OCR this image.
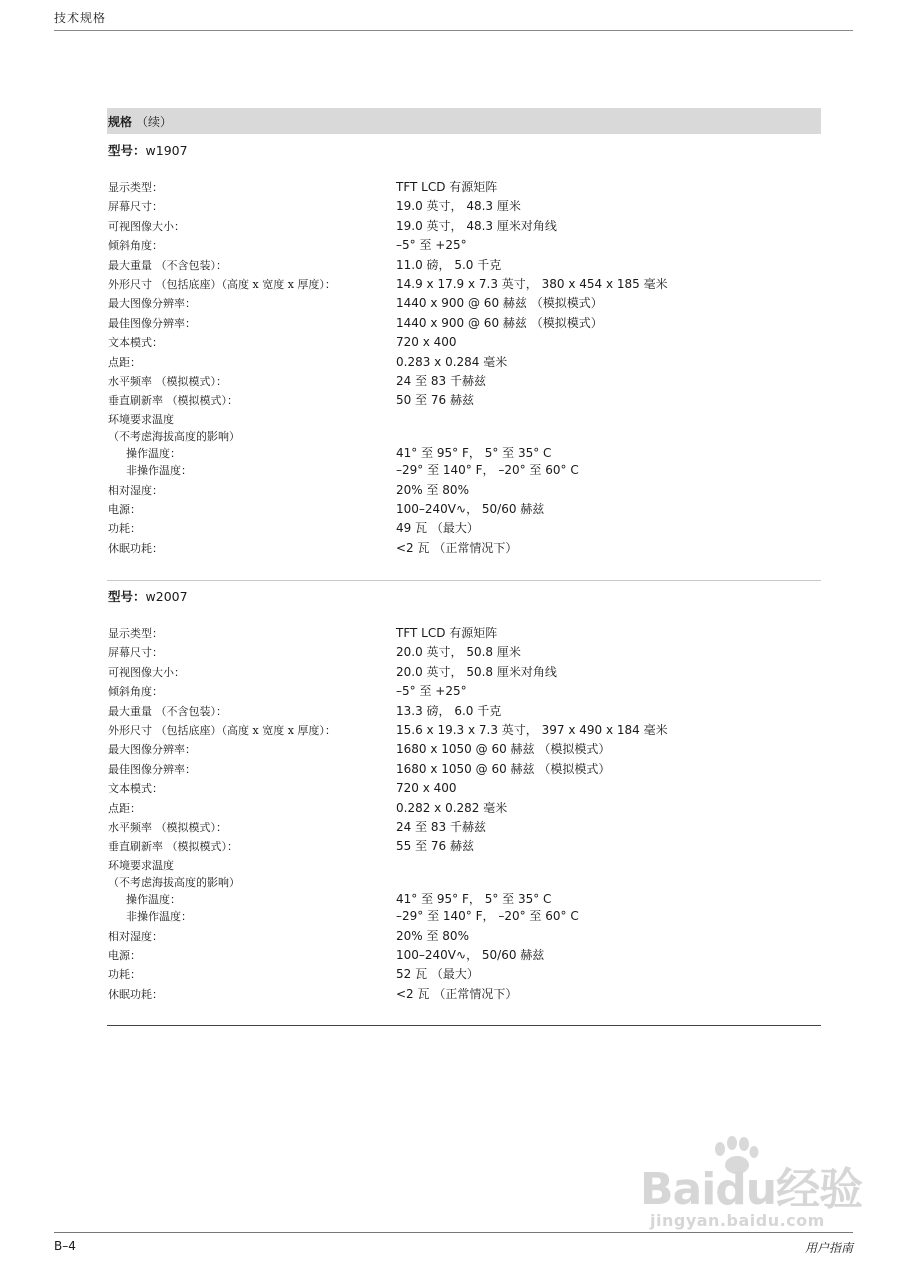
技术规格
规格 （续）
型号：w1907
显示类型：	TFT LCD 有源矩阵
屏幕尺寸：	19.0 英寸， 48.3 厘米
可视图像大小：	19.0 英寸， 48.3 厘米对角线
倾斜角度：	–5° 至 +25°
最大重量 （不含包装）：	11.0 磅， 5.0 千克
外形尺寸 （包括底座）（高度 x 宽度 x 厚度）：	14.9 x 17.9 x 7.3 英寸， 380 x 454 x 185 毫米
最大图像分辨率：	1440 x 900 @ 60 赫兹 （模拟模式）
最佳图像分辨率：	1440 x 900 @ 60 赫兹 （模拟模式）
文本模式：	720 x 400
点距：	0.283 x 0.284 毫米
水平频率 （模拟模式）：	24 至 83 千赫兹
垂直刷新率 （模拟模式）：	50 至 76 赫兹
环境要求温度
（不考虑海拔高度的影响）
操作温度：	41° 至 95° F， 5° 至 35° C
非操作温度：	–29° 至 140° F， –20° 至 60° C
相对湿度：	20% 至 80%
电源：	100–240V∿， 50/60 赫兹
功耗：	49 瓦 （最大）
休眠功耗：	<2 瓦 （正常情况下）
型号：w2007
显示类型：	TFT LCD 有源矩阵
屏幕尺寸：	20.0 英寸， 50.8 厘米
可视图像大小：	20.0 英寸， 50.8 厘米对角线
倾斜角度：	–5° 至 +25°
最大重量 （不含包装）：	13.3 磅， 6.0 千克
外形尺寸 （包括底座）（高度 x 宽度 x 厚度）：	15.6 x 19.3 x 7.3 英寸， 397 x 490 x 184 毫米
最大图像分辨率：	1680 x 1050 @ 60 赫兹 （模拟模式）
最佳图像分辨率：	1680 x 1050 @ 60 赫兹 （模拟模式）
文本模式：	720 x 400
点距：	0.282 x 0.282 毫米
水平频率 （模拟模式）：	24 至 83 千赫兹
垂直刷新率 （模拟模式）：	55 至 76 赫兹
环境要求温度
（不考虑海拔高度的影响）
操作温度：	41° 至 95° F， 5° 至 35° C
非操作温度：	–29° 至 140° F， –20° 至 60° C
相对湿度：	20% 至 80%
电源：	100–240V∿， 50/60 赫兹
功耗：	52 瓦 （最大）
休眠功耗：	<2 瓦 （正常情况下）
Baidu经验
jingyan.baidu.com
B–4	用户指南
